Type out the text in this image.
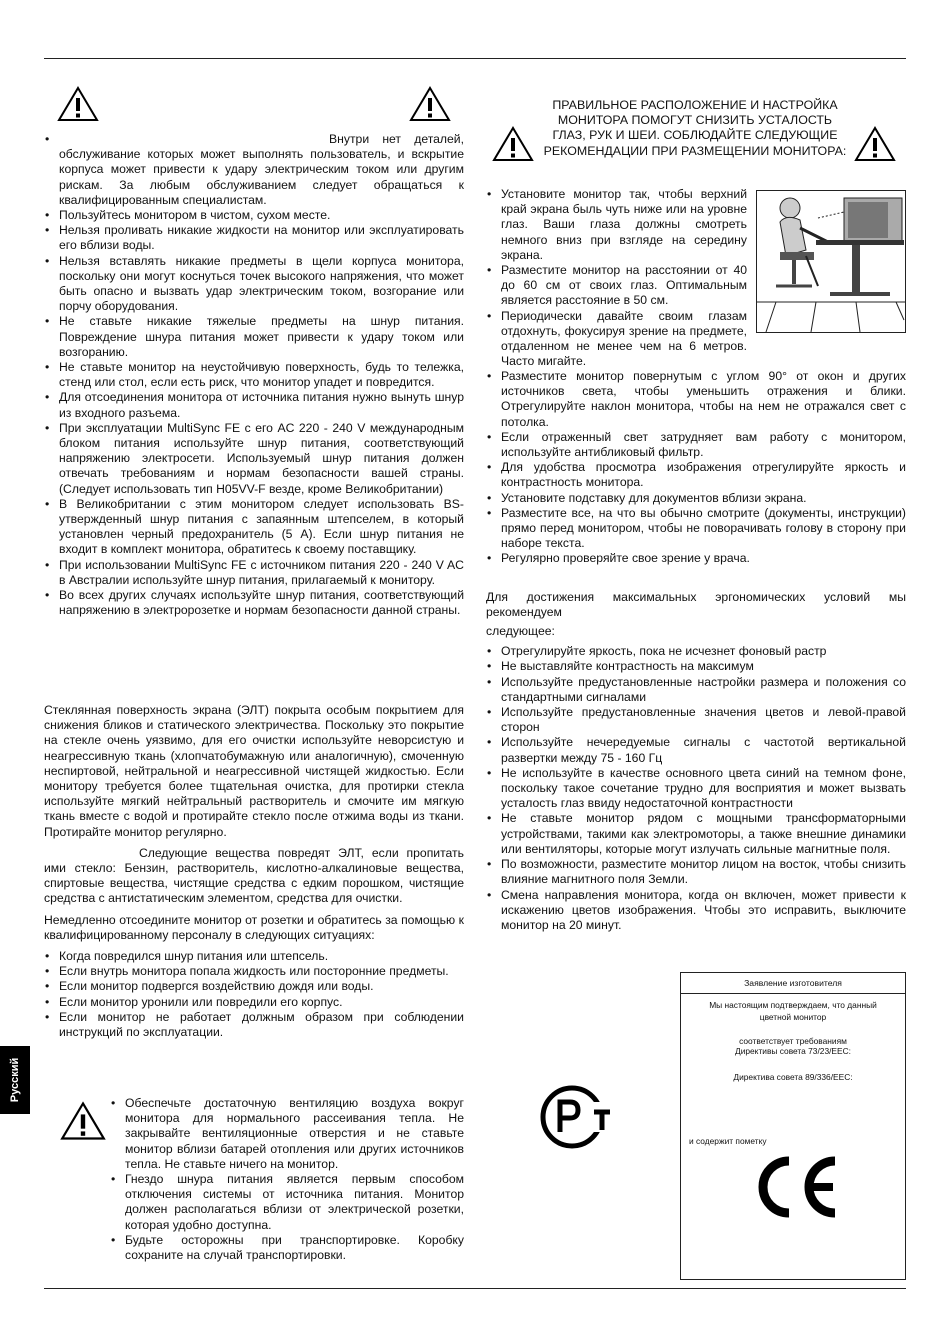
• Внутри нет деталей, обслуживание которых может выполнять пользователь, и вскрытие корпуса может привести к удару электрическим током или другим рискам. За любым обслуживанием следует обращаться к квалифицированным специалистам.
• Пользуйтесь монитором в чистом, сухом месте.
• Нельзя проливать никакие жидкости на монитор или эксплуатировать его вблизи воды.
• Нельзя вставлять никакие предметы в щели корпуса монитора, поскольку они могут коснуться точек высокого напряжения, что может быть опасно и вызвать удар электрическим током, возгорание или порчу оборудования.
• Не ставьте никакие тяжелые предметы на шнур питания. Повреждение шнура питания может привести к удару током или возгоранию.
• Не ставьте монитор на неустойчивую поверхность, будь то тележка, стенд или стол, если есть риск, что монитор упадет и повредится.
• Для отсоединения монитора от источника питания нужно вынуть шнур из входного разъема.
• При эксплуатации MultiSync FE с его AC 220 - 240 V международным блоком питания используйте шнур питания, соответствующий напряжению электросети. Используемый шнур питания должен отвечать требованиям и нормам безопасности вашей страны. (Следует использовать тип H05VV-F везде, кроме Великобритании)
• В Великобритании с этим монитором следует использовать BS-утвержденный шнур питания с запаянным штепселем, в который установлен черный предохранитель (5 А). Если шнур питания не входит в комплект монитора, обратитесь к своему поставщику.
• При использовании MultiSync FE с источником питания 220 - 240 V AC в Австралии используйте шнур питания, прилагаемый к монитору.
• Во всех других случаях используйте шнур питания, соответствующий напряжению в электророзетке и нормам безопасности данной страны.

Стеклянная поверхность экрана (ЭЛТ) покрыта особым покрытием для снижения бликов и статического электричества. Поскольку это покрытие на стекле очень уязвимо, для его очистки используйте неворсистую и неагрессивную ткань (хлопчатобумажную или аналогичную), смоченную неспиртовой, нейтральной и неагрессивной чистящей жидкостью. Если монитору требуется более тщательная очистка, для протирки стекла используйте мягкий нейтральный растворитель и смочите им мягкую ткань вместе с водой и протирайте стекло после отжима воды из ткани. Протирайте монитор регулярно.

Следующие вещества повредят ЭЛТ, если пропитать ими стекло: Бензин, растворитель, кислотно-алкалиновые вещества, спиртовые вещества, чистящие средства с едким порошком, чистящие средства с антистатическим элементом, средства для очистки.

Немедленно отсоедините монитор от розетки и обратитесь за помощью к квалифицированному персоналу в следующих ситуациях:

• Когда повредился шнур питания или штепсель.
• Если внутрь монитора попала жидкость или посторонние предметы.
• Если монитор подвергся воздействию дождя или воды.
• Если монитор уронили или повредили его корпус.
• Если монитор не работает должным образом при соблюдении инструкций по эксплуатации.
• Обеспечьте достаточную вентиляцию воздуха вокруг монитора для нормального рассеивания тепла. Не закрывайте вентиляционные отверстия и не ставьте монитор вблизи батарей отопления или других источников тепла. Не ставьте ничего на монитор.
• Гнездо шнура питания является первым способом отключения системы от источника питания. Монитор должен располагаться вблизи от электрической розетки, которая удобно доступна.
• Будьте осторожны при транспортировке. Коробку сохраните на случай транспортировки.
Русский
ПРАВИЛЬНОЕ РАСПОЛОЖЕНИЕ И НАСТРОЙКА МОНИТОРА ПОМОГУТ СНИЗИТЬ УСТАЛОСТЬ ГЛАЗ, РУК И ШЕИ. СОБЛЮДАЙТЕ СЛЕДУЮЩИЕ РЕКОМЕНДАЦИИ ПРИ РАЗМЕЩЕНИИ МОНИТОРА:
• Установите монитор так, чтобы верхний край экрана быль чуть ниже или на уровне глаз. Ваши глаза должны смотреть немного вниз при взгляде на середину экрана.
• Разместите монитор на расстоянии от 40 до 60 см от своих глаз. Оптимальным является расстояние в 50 см.
• Периодически давайте своим глазам отдохнуть, фокусируя зрение на предмете, отдаленном не менее чем на 6 метров. Часто мигайте.
• Разместите монитор повернутым с углом 90° от окон и других источников света, чтобы уменьшить отражения и блики. Отрегулируйте наклон монитора, чтобы на нем не отражался свет с потолка.
• Если отраженный свет затрудняет вам работу с монитором, используйте антибликовый фильтр.
• Для удобства просмотра изображения отрегулируйте яркость и контрастность монитора.
• Установите подставку для документов вблизи экрана.
• Разместите все, на что вы обычно смотрите (документы, инструкции) прямо перед монитором, чтобы не поворачивать голову в сторону при наборе текста.
• Регулярно проверяйте свое зрение у врача.

Для достижения максимальных эргономических условий мы рекомендуем

следующее:

• Отрегулируйте яркость, пока не исчезнет фоновый растр
• Не выставляйте контрастность на максимум
• Используйте предустановленные настройки размера и положения со стандартными сигналами
• Используйте предустановленные значения цветов и левой-правой сторон
• Используйте нечередуемые сигналы с частотой вертикальной развертки между 75 - 160 Гц
• Не используйте в качестве основного цвета синий на темном фоне, поскольку такое сочетание трудно для восприятия и может вызвать усталость глаз ввиду недостаточной контрастности
• Не ставьте монитор рядом с мощными трансформаторными устройствами, такими как электромоторы, а также внешние динамики или вентиляторы, которые могут излучать сильные магнитные поля.
• По возможности, разместите монитор лицом на восток, чтобы снизить влияние магнитного поля Земли.
• Смена направления монитора, когда он включен, может привести к искажению цветов изображения. Чтобы это исправить, выключите монитор на 20 минут.
Заявление изготовителя
Мы настоящим подтверждаем, что данный цветной монитор
соответствует требованиям
Директивы совета 73/23/EEC:
Директива совета 89/336/EEC:
и содержит пометку
